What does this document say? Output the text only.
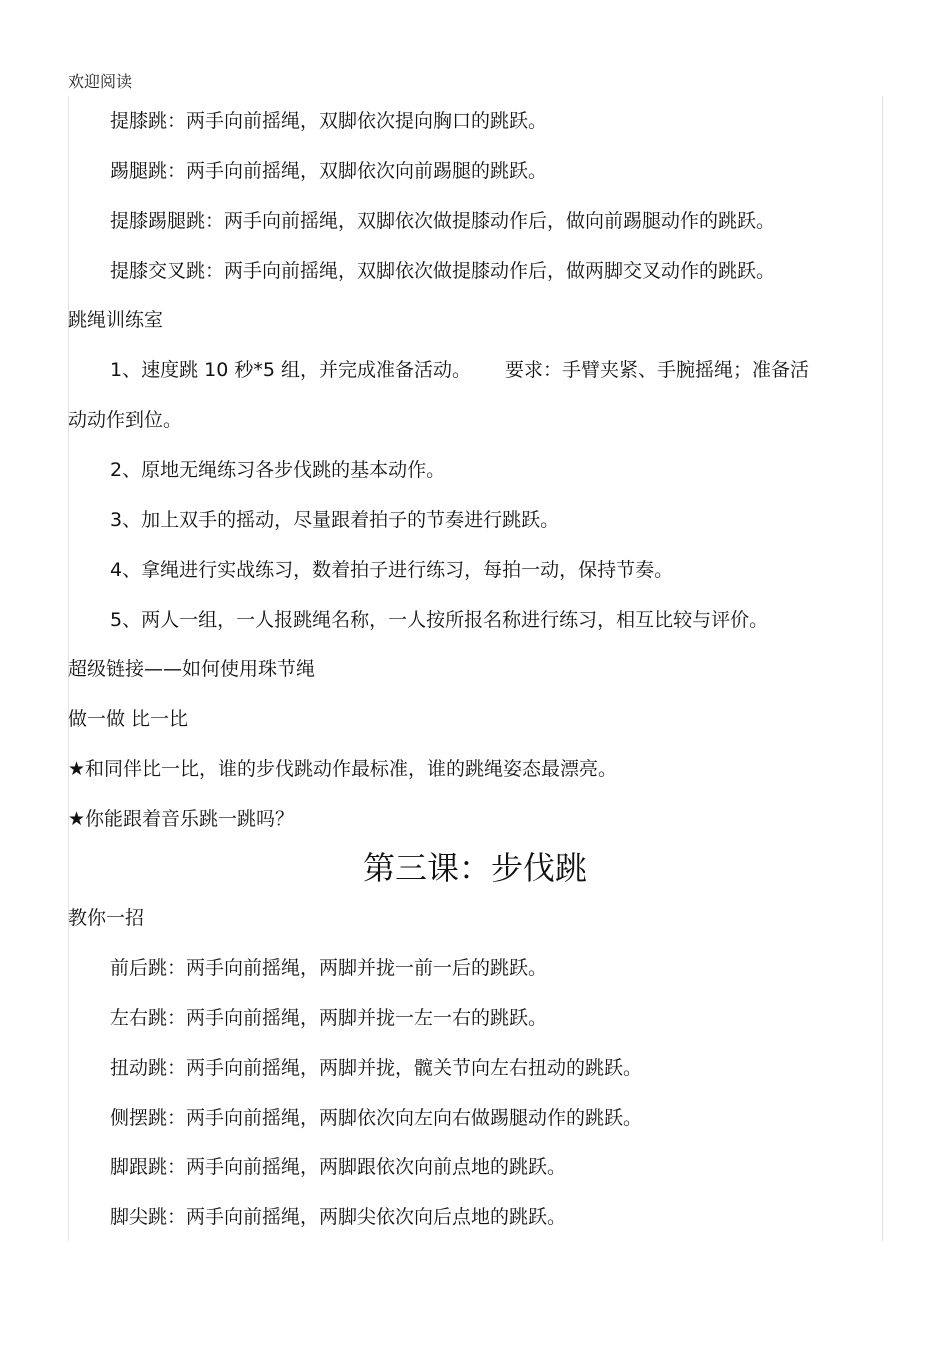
欢迎阅读
提膝跳：两手向前摇绳，双脚依次提向胸口的跳跃。
踢腿跳：两手向前摇绳，双脚依次向前踢腿的跳跃。
提膝踢腿跳：两手向前摇绳，双脚依次做提膝动作后，做向前踢腿动作的跳跃。
提膝交叉跳：两手向前摇绳，双脚依次做提膝动作后，做两脚交叉动作的跳跃。
跳绳训练室
1、速度跳 10 秒*5 组，并完成准备活动。 要求：手臂夹紧、手腕摇绳；准备活
动动作到位。
2、原地无绳练习各步伐跳的基本动作。
3、加上双手的摇动，尽量跟着拍子的节奏进行跳跃。
4、拿绳进行实战练习，数着拍子进行练习，每拍一动，保持节奏。
5、两人一组，一人报跳绳名称，一人按所报名称进行练习，相互比较与评价。
超级链接——如何使用珠节绳
做一做 比一比
★和同伴比一比，谁的步伐跳动作最标准，谁的跳绳姿态最漂亮。
★你能跟着音乐跳一跳吗？
第三课：步伐跳
教你一招
前后跳：两手向前摇绳，两脚并拢一前一后的跳跃。
左右跳：两手向前摇绳，两脚并拢一左一右的跳跃。
扭动跳：两手向前摇绳，两脚并拢，髋关节向左右扭动的跳跃。
侧摆跳：两手向前摇绳，两脚依次向左向右做踢腿动作的跳跃。
脚跟跳：两手向前摇绳，两脚跟依次向前点地的跳跃。
脚尖跳：两手向前摇绳，两脚尖依次向后点地的跳跃。
